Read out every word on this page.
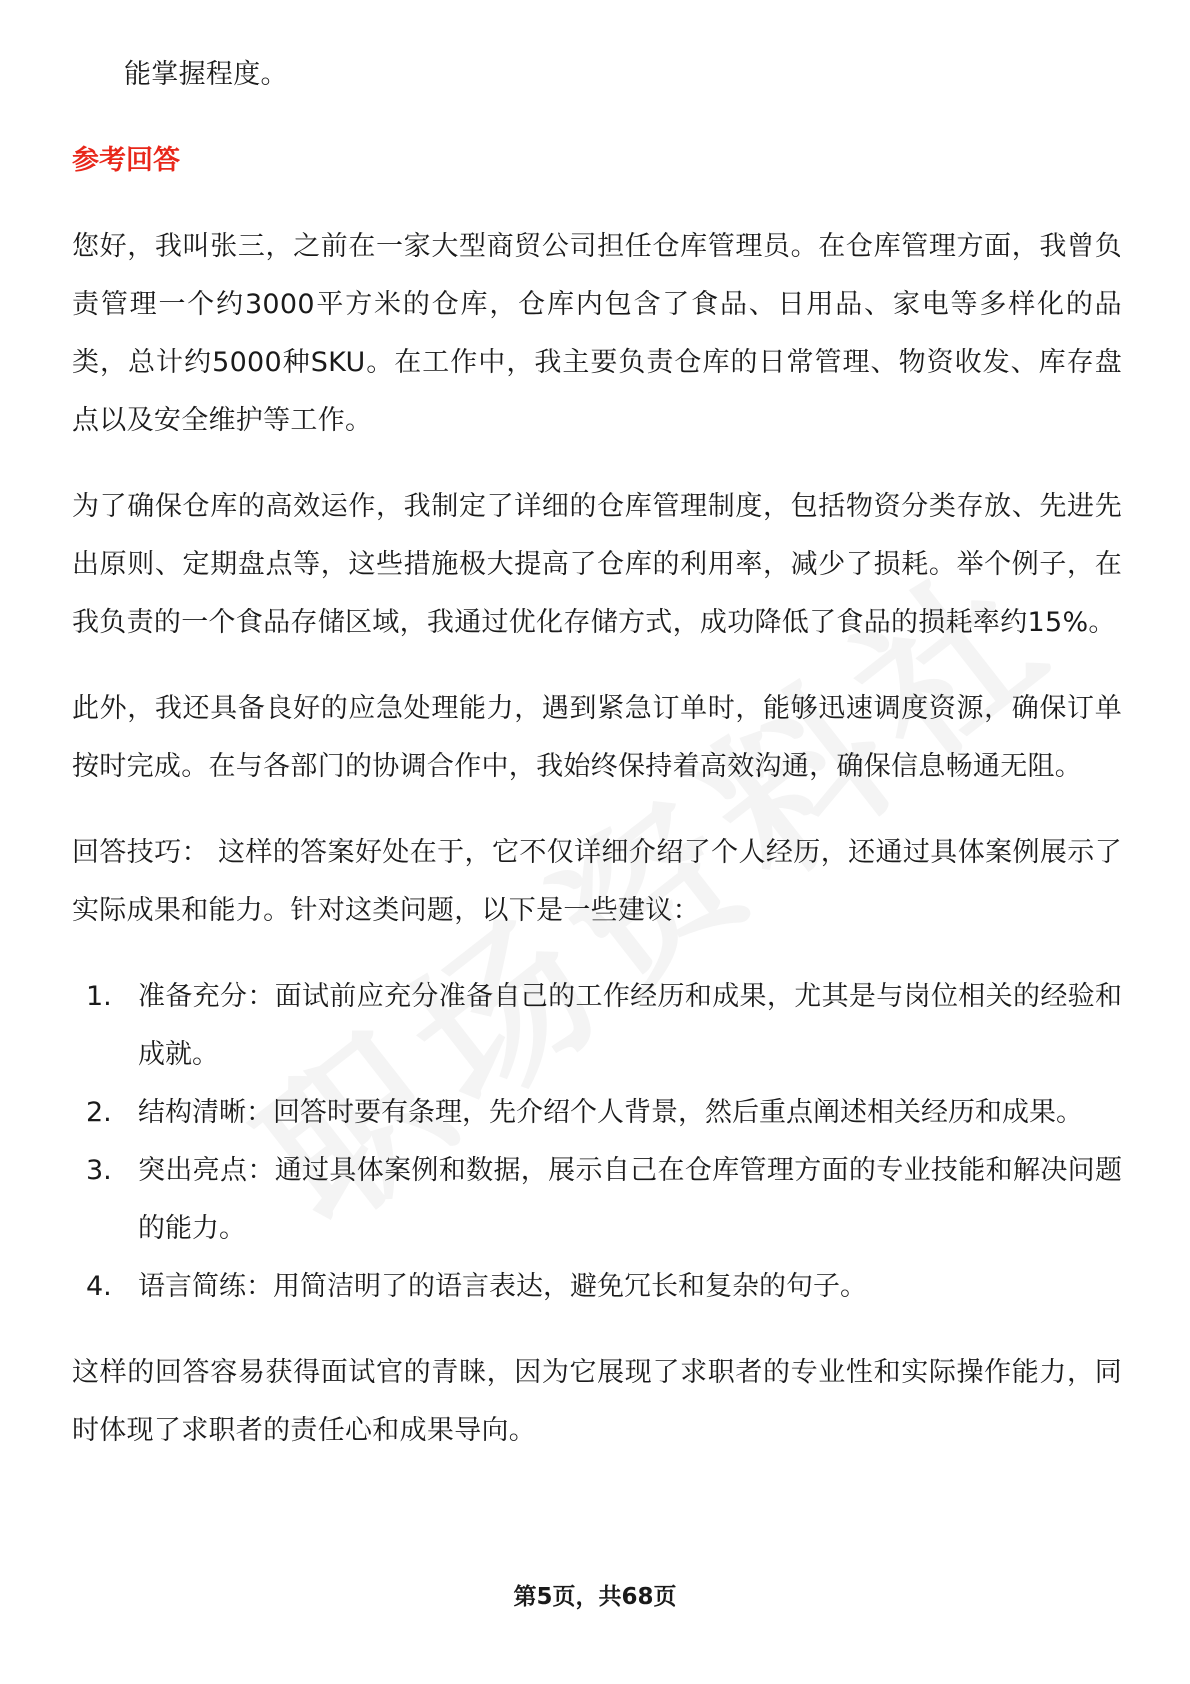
能掌握程度。

参考回答

您好，我叫张三，之前在一家大型商贸公司担任仓库管理员。在仓库管理方面，我曾负责管理一个约3000平方米的仓库，仓库内包含了食品、日用品、家电等多样化的品类，总计约5000种SKU。在工作中，我主要负责仓库的日常管理、物资收发、库存盘点以及安全维护等工作。

为了确保仓库的高效运作，我制定了详细的仓库管理制度，包括物资分类存放、先进先出原则、定期盘点等，这些措施极大提高了仓库的利用率，减少了损耗。举个例子，在我负责的一个食品存储区域，我通过优化存储方式，成功降低了食品的损耗率约15%。

此外，我还具备良好的应急处理能力，遇到紧急订单时，能够迅速调度资源，确保订单按时完成。在与各部门的协调合作中，我始终保持着高效沟通，确保信息畅通无阻。

回答技巧： 这样的答案好处在于，它不仅详细介绍了个人经历，还通过具体案例展示了实际成果和能力。针对这类问题，以下是一些建议：

1. 准备充分：面试前应充分准备自己的工作经历和成果，尤其是与岗位相关的经验和成就。
2. 结构清晰：回答时要有条理，先介绍个人背景，然后重点阐述相关经历和成果。
3. 突出亮点：通过具体案例和数据，展示自己在仓库管理方面的专业技能和解决问题的能力。
4. 语言简练：用简洁明了的语言表达，避免冗长和复杂的句子。

这样的回答容易获得面试官的青睐，因为它展现了求职者的专业性和实际操作能力，同时体现了求职者的责任心和成果导向。

第5页，共68页
